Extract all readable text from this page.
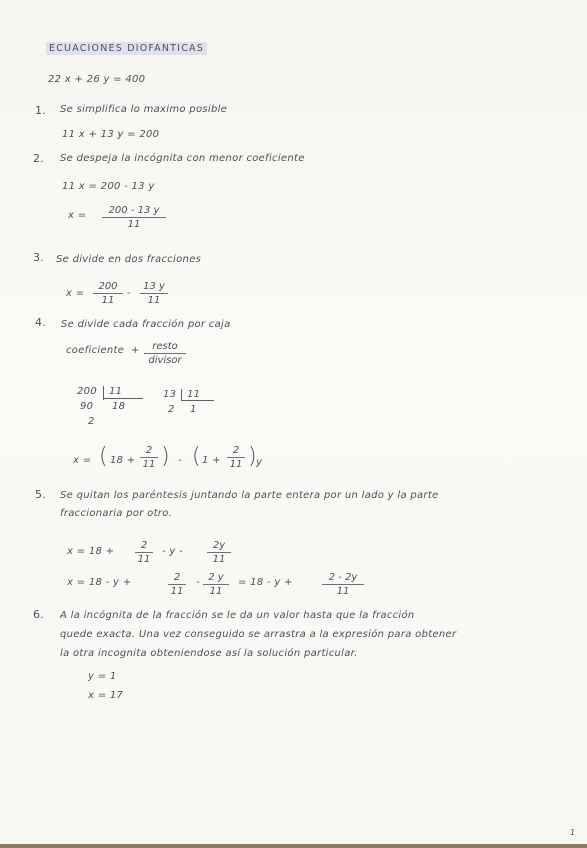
ECUACIONES DIOFANTICAS
22 x + 26 y = 400
1. Se simplifica lo maximo posible
11 x + 13 y = 200
2. Se despeja la incógnita con menor coeficiente
11 x = 200 - 13 y
$x = \frac{200 - 13 y}{11}$
3. Se divide en dos fracciones
$x = \frac{200}{11} - \frac{13 y}{11}$
4. Se divide cada fracción por caja
coeficiente +	resto
divisor
200 11
90 18
2
13 11
2 1
x = ( $18 + \frac{2}{11}$ ) - ( $1 + \frac{2}{11}$ ) y
5. Se quitan los paréntesis juntando la parte entera por un lado y la parte
fraccionaria por otro.
$x = 18 + \frac{2}{11} - y - \frac{2y}{11}$
x = 18 - y +	$\frac{2}{11} - \frac{2 y}{11} = 18 - y$ +	$\frac{2 - 2y}{11}$
6. A la incógnita de la fracción se le da un valor hasta que la fracción
quede exacta. Una vez conseguido se arrastra a la expresión para obtener
la otra incognita obteniendose así la solución particular.
y = 1
x = 17
1
